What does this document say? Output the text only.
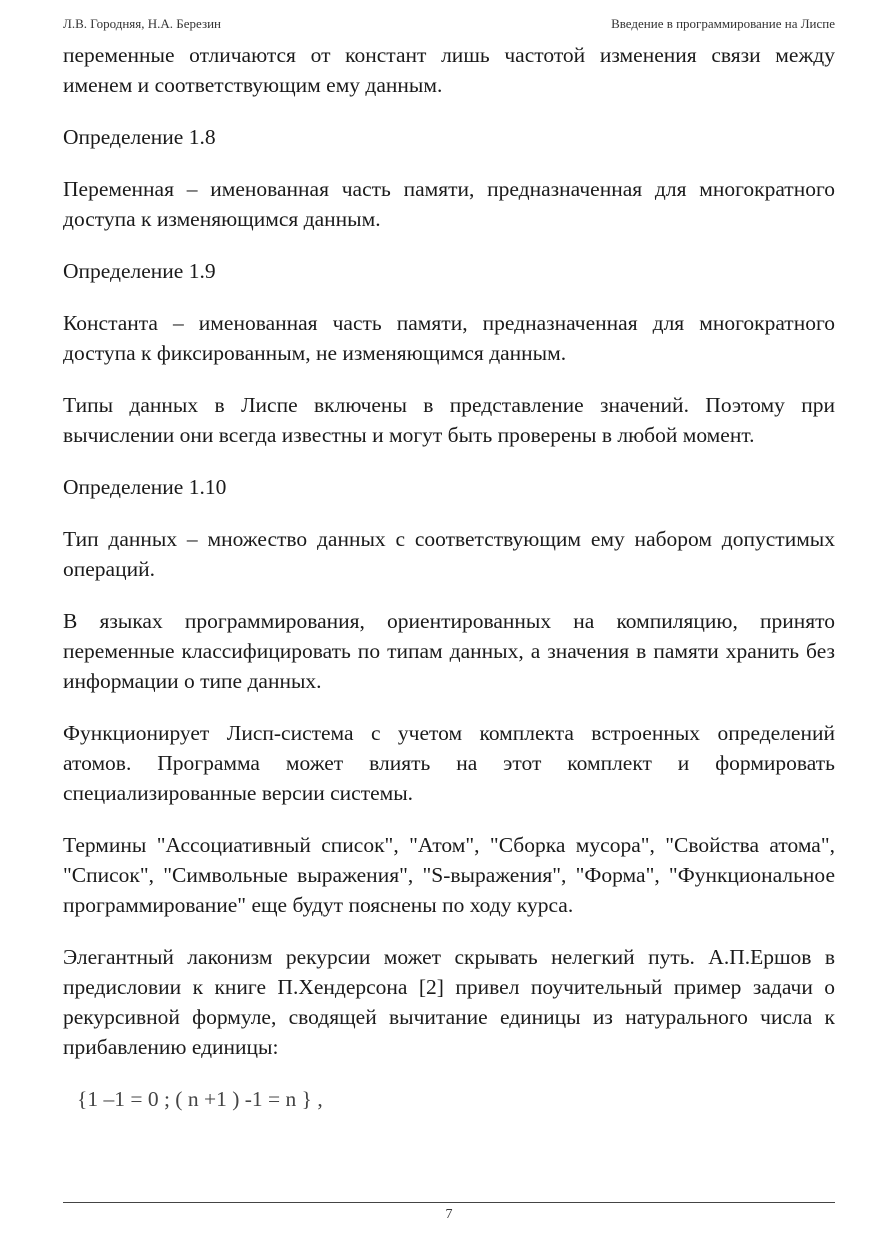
Л.В. Городняя, Н.А. Березин	Введение в программирование на Лиспе

переменные отличаются от констант лишь частотой изменения связи между именем и соответствующим ему данным.

Определение 1.8

Переменная – именованная часть памяти, предназначенная для многократного доступа к изменяющимся данным.

Определение 1.9

Константа – именованная часть памяти, предназначенная для многократного доступа к фиксированным, не изменяющимся данным.

Типы данных в Лиспе включены в представление значений. Поэтому при вычислении они всегда известны и могут быть проверены в любой момент.

Определение 1.10

Тип данных – множество данных с соответствующим ему набором допустимых операций.

В языках программирования, ориентированных на компиляцию, принято переменные классифицировать по типам данных, а значения в памяти хранить без информации о типе данных.

Функционирует Лисп-система с учетом комплекта встроенных определений атомов. Программа может влиять на этот комплект и формировать специализированные версии системы.

Термины "Ассоциативный список", "Атом", "Сборка мусора", "Свойства атома", "Список", "Символьные выражения", "S-выражения", "Форма", "Функциональное программирование" еще будут пояснены по ходу курса.

Элегантный лаконизм рекурсии может скрывать нелегкий путь. А.П.Ершов в предисловии к книге П.Хендерсона [2] привел поучительный пример задачи о рекурсивной формуле, сводящей вычитание единицы из натурального числа к прибавлению единицы:

{1 –1 = 0 ; ( n +1 ) -1 = n } ,

7
